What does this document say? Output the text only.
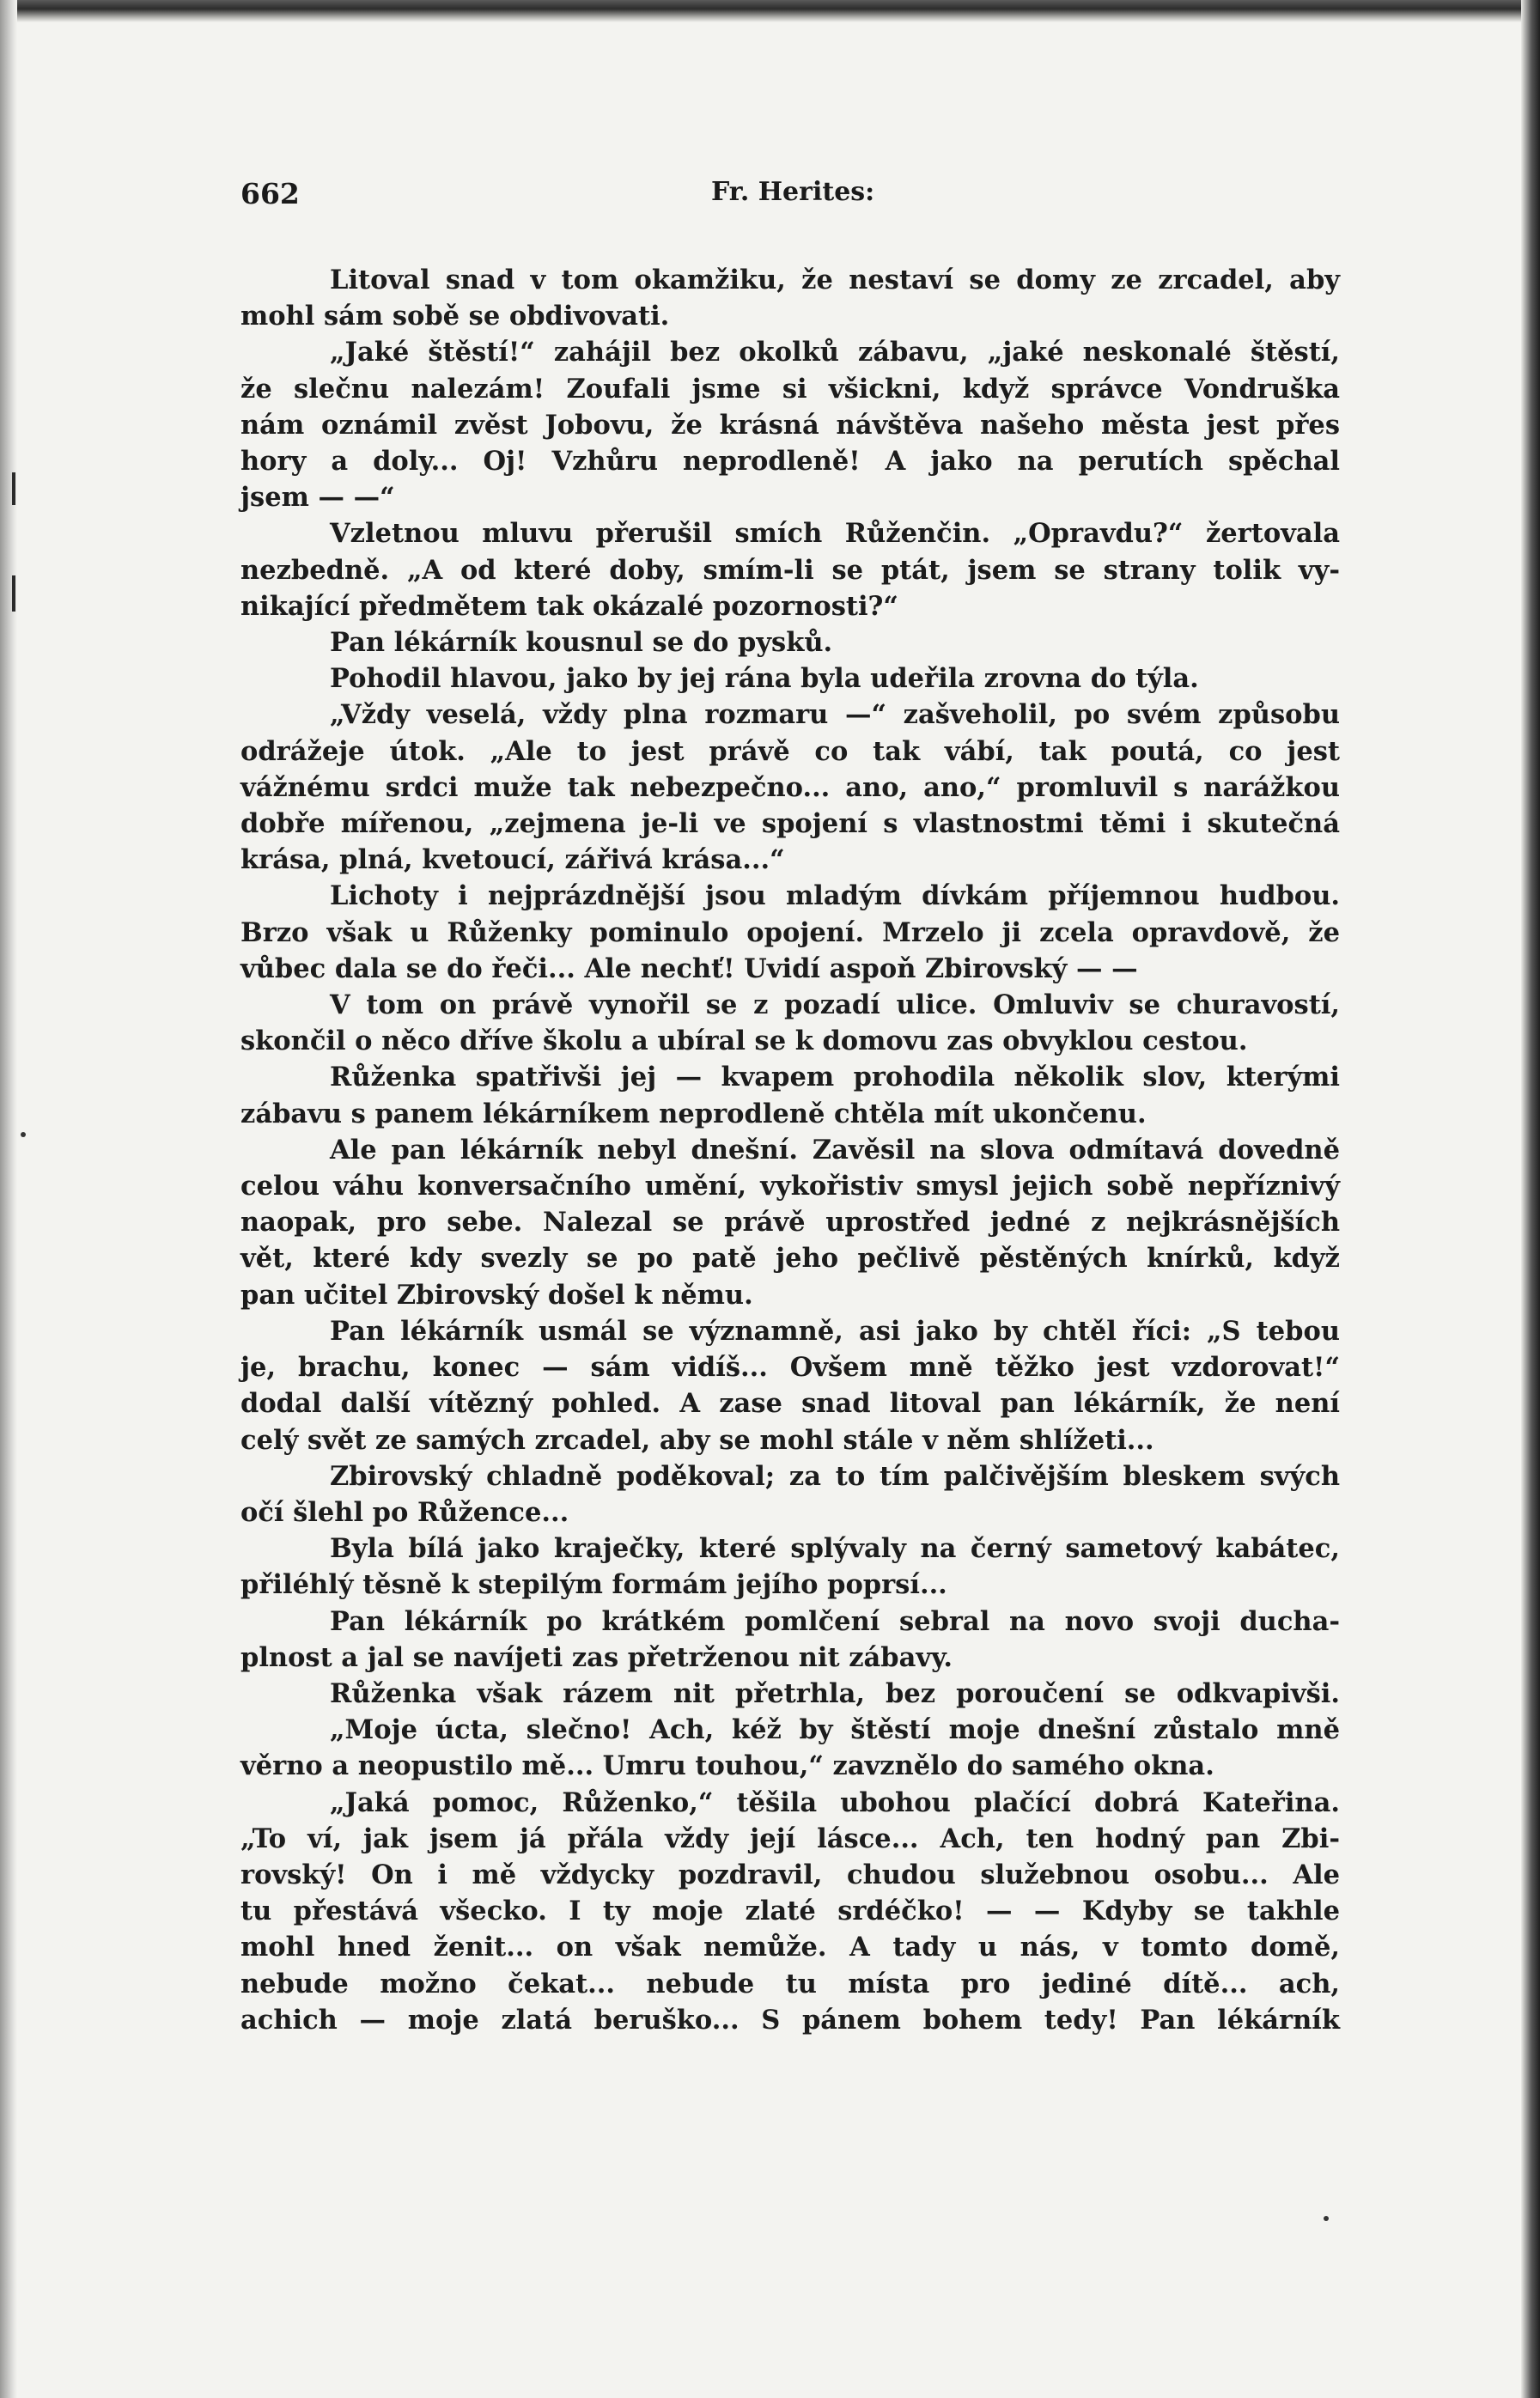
662	Fr. Herites:
Litoval snad v tom okamžiku, že nestaví se domy ze zrcadel, aby
mohl sám sobě se obdivovati.
„Jaké štěstí!“ zahájil bez okolků zábavu, „jaké neskonalé štěstí,
že slečnu nalezám! Zoufali jsme si všickni, když správce Vondruška
nám oznámil zvěst Jobovu, že krásná návštěva našeho města jest přes
hory a doly... Oj! Vzhůru neprodleně! A jako na perutích spěchal
jsem — —“
Vzletnou mluvu přerušil smích Růženčin. „Opravdu?“ žertovala
nezbedně. „A od které doby, smím-li se ptát, jsem se strany tolik vy-
nikající předmětem tak okázalé pozornosti?“
Pan lékárník kousnul se do pysků.
Pohodil hlavou, jako by jej rána byla udeřila zrovna do týla.
„Vždy veselá, vždy plna rozmaru —“ zašveholil, po svém způsobu
odrážeje útok. „Ale to jest právě co tak vábí, tak poutá, co jest
vážnému srdci muže tak nebezpečno... ano, ano,“ promluvil s narážkou
dobře mířenou, „zejmena je-li ve spojení s vlastnostmi těmi i skutečná
krása, plná, kvetoucí, zářivá krása...“
Lichoty i nejprázdnější jsou mladým dívkám příjemnou hudbou.
Brzo však u Růženky pominulo opojení. Mrzelo ji zcela opravdově, že
vůbec dala se do řeči... Ale nechť! Uvidí aspoň Zbirovský — —
V tom on právě vynořil se z pozadí ulice. Omluviv se churavostí,
skončil o něco dříve školu a ubíral se k domovu zas obvyklou cestou.
Růženka spatřivši jej — kvapem prohodila několik slov, kterými
zábavu s panem lékárníkem neprodleně chtěla mít ukončenu.
Ale pan lékárník nebyl dnešní. Zavěsil na slova odmítavá dovedně
celou váhu konversačního umění, vykořistiv smysl jejich sobě nepříznivý
naopak, pro sebe. Nalezal se právě uprostřed jedné z nejkrásnějších
vět, které kdy svezly se po patě jeho pečlivě pěstěných knírků, když
pan učitel Zbirovský došel k němu.
Pan lékárník usmál se významně, asi jako by chtěl říci: „S tebou
je, brachu, konec — sám vidíš... Ovšem mně těžko jest vzdorovat!“
dodal další vítězný pohled. A zase snad litoval pan lékárník, že není
celý svět ze samých zrcadel, aby se mohl stále v něm shlížeti...
Zbirovský chladně poděkoval; za to tím palčivějším bleskem svých
očí šlehl po Růžence...
Byla bílá jako kraječky, které splývaly na černý sametový kabátec,
přiléhlý těsně k stepilým formám jejího poprsí...
Pan lékárník po krátkém pomlčení sebral na novo svoji ducha-
plnost a jal se navíjeti zas přetrženou nit zábavy.
Růženka však rázem nit přetrhla, bez poroučení se odkvapivši.
„Moje úcta, slečno! Ach, kéž by štěstí moje dnešní zůstalo mně
věrno a neopustilo mě... Umru touhou,“ zavznělo do samého okna.
„Jaká pomoc, Růženko,“ těšila ubohou plačící dobrá Kateřina.
„To ví, jak jsem já přála vždy její lásce... Ach, ten hodný pan Zbi-
rovský! On i mě vždycky pozdravil, chudou služebnou osobu... Ale
tu přestává všecko. I ty moje zlaté srdéčko! — — Kdyby se takhle
mohl hned ženit... on však nemůže. A tady u nás, v tomto domě,
nebude možno čekat... nebude tu místa pro jediné dítě... ach,
achich — moje zlatá beruško... S pánem bohem tedy! Pan lékárník
